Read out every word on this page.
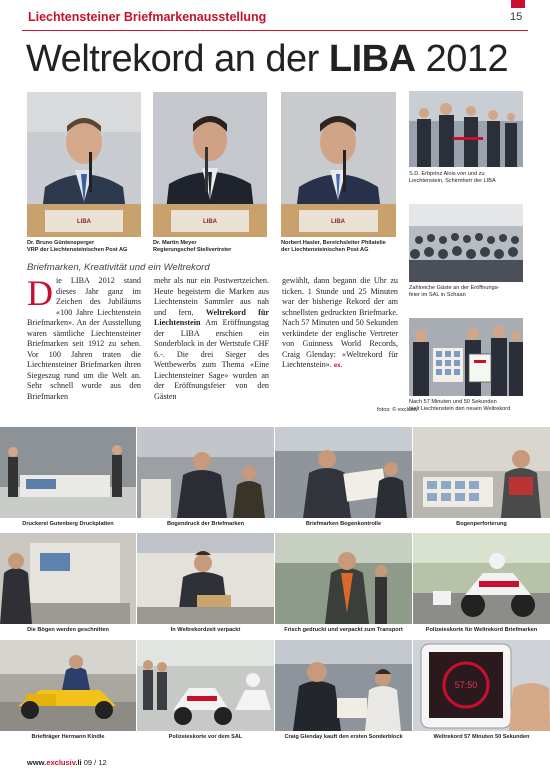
Liechtensteiner Briefmarkenausstellung	15
Weltrekord an der LIBA 2012
LIBA	LIBA	LIBA
Dr. Bruno Güntensperger
VRP der Liechtensteinischen Post AG
Dr. Martin Meyer
Regierungschef Stellvertreter
Norbert Hasler, Bereichsleiter Philatelie
der Liechtensteinischen Post AG
S.D. Erbprinz Alois von und zu
Liechtenstein, Schirmherr der LIBA
Zahlreiche Gäste an der Eröffnungs-
feier im SAL in Schaan
Nach 57 Minuten und 50 Sekunden
hielt Liechtenstein den neuen Weltrekord
Briefmarken, Kreativität und ein Weltrekord
Die LIBA 2012 stand dieses Jahr ganz im Zeichen des Jubiläums «100 Jahre Liechtenstein Briefmarken». An der Ausstellung waren sämtliche Liechtensteiner Briefmarken seit 1912 zu sehen. Vor 100 Jahren traten die Liechtensteiner Briefmarken ihren Siegeszug rund um die Welt an. Sehr schnell wurde aus den Briefmarken
mehr als nur ein Postwertzeichen. Heute begeistern die Marken aus Liechtenstein Sammler aus nah und fern. Weltrekord für Liechtenstein Am Eröffnungstag der LIBA erschien ein Sonderblock in der Wertstufe CHF 6.-. Die drei Sieger des Wettbewerbs zum Thema «Eine Liechtensteiner Sage» wurden an der Eröffnungsfeier von den Gästen
gewählt, dann begann die Uhr zu ticken. 1 Stunde und 25 Minuten war der bisherige Rekord der am schnellsten gedruckten Briefmarke. Nach 57 Minuten und 50 Sekunden verkündete der englische Vertreter von Guinness World Records, Craig Glenday: «Weltrekord für Liechtenstein». ex.
fotos: © exclusiv
Druckerei Gutenberg Druckplatten	Bogendruck der Briefmarken	Briefmarken Bogenkontrolle	Bogenperforierung
Die Bögen werden geschnitten	In Weltrekordzeit verpackt	Frisch gedruckt und verpackt zum Transport	Polizeieskorte für Weltrekord Briefmarken
57:50
Briefträger Hermann Kindle	Polizeieskorte vor dem SAL	Craig Glenday kauft den ersten Sonderblock	Weltrekord 57 Minuten 50 Sekunden
www.exclusiv.li 09 / 12
